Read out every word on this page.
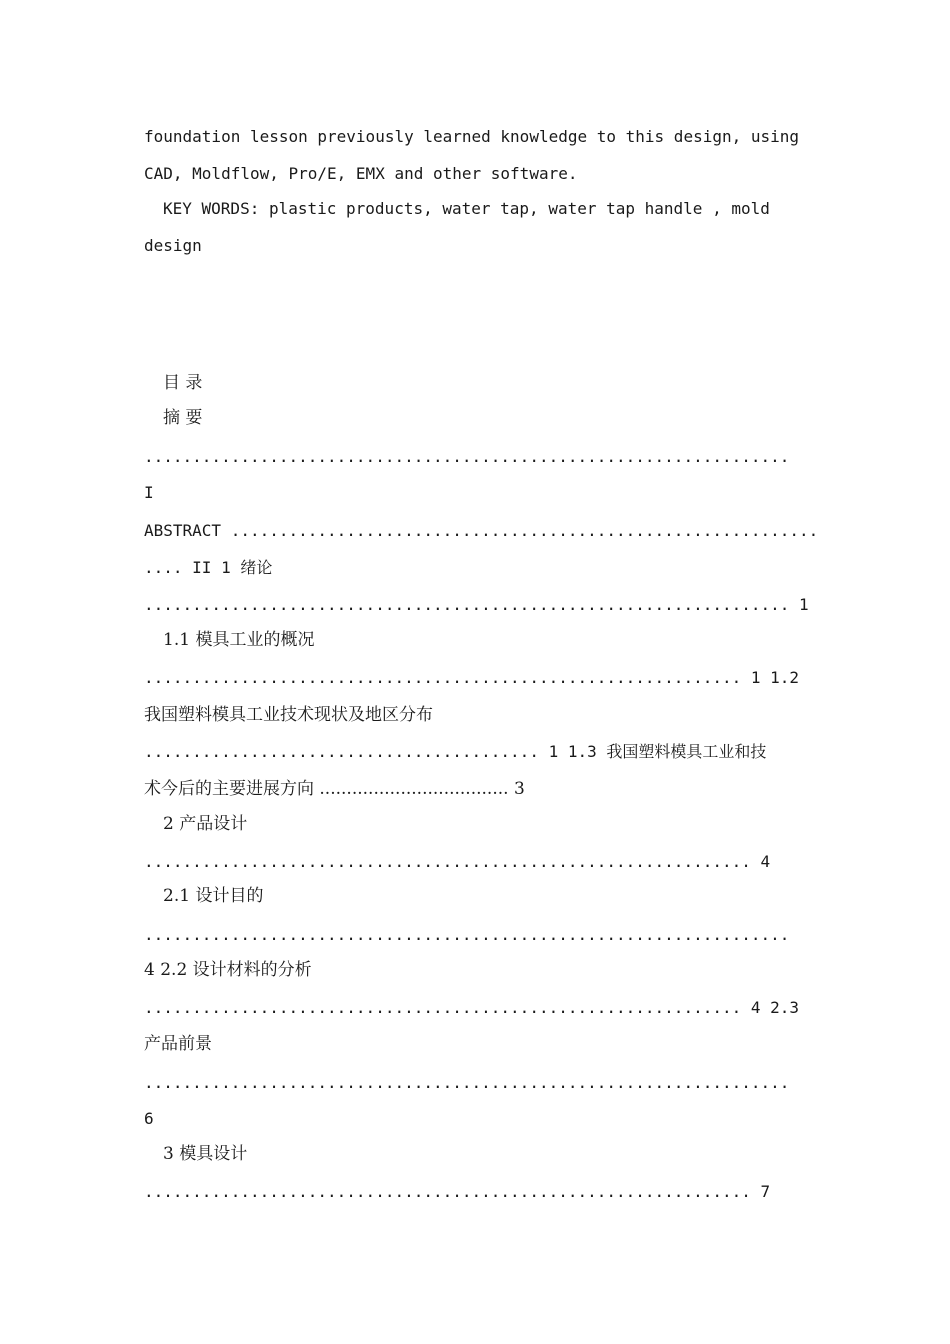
foundation lesson previously learned knowledge to this design, using
CAD, Moldflow, Pro/E, EMX and other software.
KEY WORDS: plastic products, water tap, water tap handle , mold
design
目 录
摘 要
...................................................................
I
ABSTRACT .............................................................
.... II 1 绪论
................................................................... 1
1.1 模具工业的概况
.............................................................. 1 1.2
我国塑料模具工业技术现状及地区分布
......................................... 1 1.3 我国塑料模具工业和技
术今后的主要进展方向 ................................... 3
2 产品设计
............................................................... 4
2.1 设计目的
...................................................................
4 2.2 设计材料的分析
.............................................................. 4 2.3
产品前景
...................................................................
6
3 模具设计
............................................................... 7
